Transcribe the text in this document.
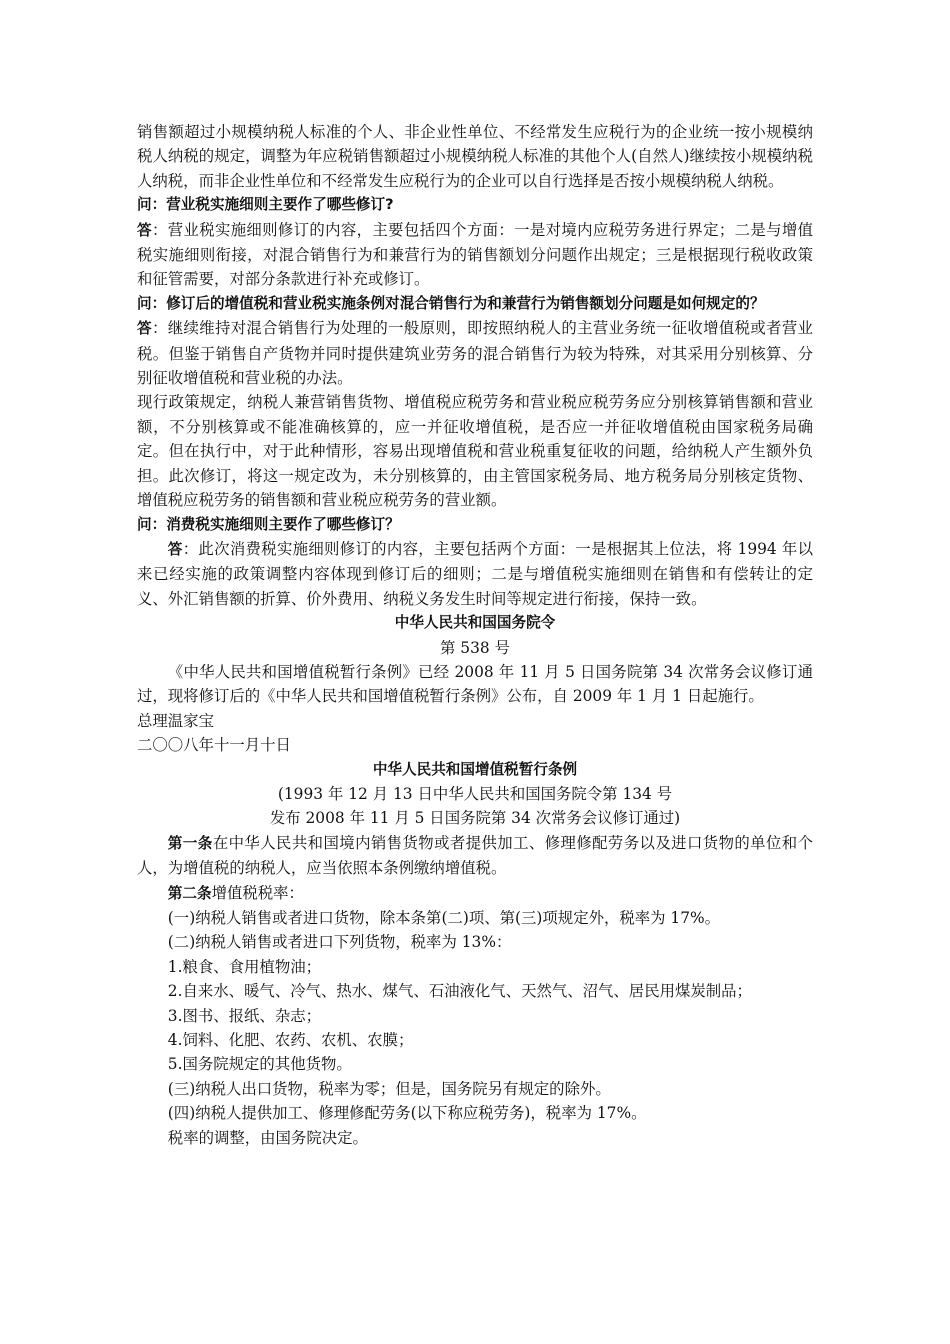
销售额超过小规模纳税人标准的个人、非企业性单位、不经常发生应税行为的企业统一按小规模纳税人纳税的规定，调整为年应税销售额超过小规模纳税人标准的其他个人(自然人)继续按小规模纳税人纳税，而非企业性单位和不经常发生应税行为的企业可以自行选择是否按小规模纳税人纳税。

问：营业税实施细则主要作了哪些修订?

答：营业税实施细则修订的内容，主要包括四个方面：一是对境内应税劳务进行界定；二是与增值税实施细则衔接，对混合销售行为和兼营行为的销售额划分问题作出规定；三是根据现行税收政策和征管需要，对部分条款进行补充或修订。

问：修订后的增值税和营业税实施条例对混合销售行为和兼营行为销售额划分问题是如何规定的？

答：继续维持对混合销售行为处理的一般原则，即按照纳税人的主营业务统一征收增值税或者营业税。但鉴于销售自产货物并同时提供建筑业劳务的混合销售行为较为特殊，对其采用分别核算、分别征收增值税和营业税的办法。

现行政策规定，纳税人兼营销售货物、增值税应税劳务和营业税应税劳务应分别核算销售额和营业额，不分别核算或不能准确核算的，应一并征收增值税，是否应一并征收增值税由国家税务局确定。但在执行中，对于此种情形，容易出现增值税和营业税重复征收的问题，给纳税人产生额外负担。此次修订，将这一规定改为，未分别核算的，由主管国家税务局、地方税务局分别核定货物、增值税应税劳务的销售额和营业税应税劳务的营业额。

问：消费税实施细则主要作了哪些修订？

答：此次消费税实施细则修订的内容，主要包括两个方面：一是根据其上位法，将 1994 年以来已经实施的政策调整内容体现到修订后的细则；二是与增值税实施细则在销售和有偿转让的定义、外汇销售额的折算、价外费用、纳税义务发生时间等规定进行衔接，保持一致。

中华人民共和国国务院令

第 538 号

《中华人民共和国增值税暂行条例》已经 2008 年 11 月 5 日国务院第 34 次常务会议修订通过，现将修订后的《中华人民共和国增值税暂行条例》公布，自 2009 年 1 月 1 日起施行。

总理温家宝

二〇〇八年十一月十日

中华人民共和国增值税暂行条例

(1993 年 12 月 13 日中华人民共和国国务院令第 134 号

发布 2008 年 11 月 5 日国务院第 34 次常务会议修订通过)

第一条在中华人民共和国境内销售货物或者提供加工、修理修配劳务以及进口货物的单位和个人，为增值税的纳税人，应当依照本条例缴纳增值税。

第二条增值税税率：

(一)纳税人销售或者进口货物，除本条第(二)项、第(三)项规定外，税率为 17%。

(二)纳税人销售或者进口下列货物，税率为 13%：

1.粮食、食用植物油；

2.自来水、暖气、冷气、热水、煤气、石油液化气、天然气、沼气、居民用煤炭制品；

3.图书、报纸、杂志；

4.饲料、化肥、农药、农机、农膜；

5.国务院规定的其他货物。

(三)纳税人出口货物，税率为零；但是，国务院另有规定的除外。

(四)纳税人提供加工、修理修配劳务(以下称应税劳务)，税率为 17%。

税率的调整，由国务院决定。
